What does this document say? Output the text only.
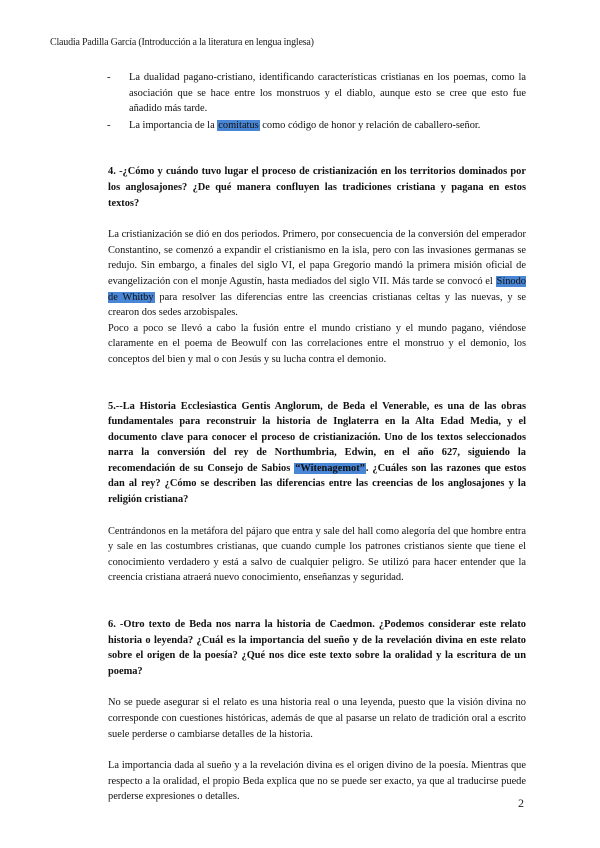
Claudia Padilla García (Introducción a la literatura en lengua inglesa)
- La dualidad pagano-cristiano, identificando características cristianas en los poemas, como la asociación que se hace entre los monstruos y el diablo, aunque esto se cree que esto fue añadido más tarde.
- La importancia de la comitatus como código de honor y relación de caballero-señor.

4. -¿Cómo y cuándo tuvo lugar el proceso de cristianización en los territorios dominados por los anglosajones? ¿De qué manera confluyen las tradiciones cristiana y pagana en estos textos?

La cristianización se dió en dos periodos. Primero, por consecuencia de la conversión del emperador Constantino, se comenzó a expandir el cristianismo en la isla, pero con las invasiones germanas se redujo. Sin embargo, a finales del siglo VI, el papa Gregorio mandó la primera misión oficial de evangelización con el monje Agustín, hasta mediados del siglo VII. Más tarde se convocó el Sínodo de Whitby para resolver las diferencias entre las creencias cristianas celtas y las nuevas, y se crearon dos sedes arzobispales.

Poco a poco se llevó a cabo la fusión entre el mundo cristiano y el mundo pagano, viéndose claramente en el poema de Beowulf con las correlaciones entre el monstruo y el demonio, los conceptos del bien y mal o con Jesús y su lucha contra el demonio.

5.--La Historia Ecclesiastica Gentis Anglorum, de Beda el Venerable, es una de las obras fundamentales para reconstruir la historia de Inglaterra en la Alta Edad Media, y el documento clave para conocer el proceso de cristianización. Uno de los textos seleccionados narra la conversión del rey de Northumbria, Edwin, en el año 627, siguiendo la recomendación de su Consejo de Sabios “Witenagemot”. ¿Cuáles son las razones que estos dan al rey? ¿Cómo se describen las diferencias entre las creencias de los anglosajones y la religión cristiana?

Centrándonos en la metáfora del pájaro que entra y sale del hall como alegoría del que hombre entra y sale en las costumbres cristianas, que cuando cumple los patrones cristianos siente que tiene el conocimiento verdadero y está a salvo de cualquier peligro. Se utilizó para hacer entender que la creencia cristiana atraerá nuevo conocimiento, enseñanzas y seguridad.

6. -Otro texto de Beda nos narra la historia de Caedmon. ¿Podemos considerar este relato historia o leyenda? ¿Cuál es la importancia del sueño y de la revelación divina en este relato sobre el origen de la poesía? ¿Qué nos dice este texto sobre la oralidad y la escritura de un poema?

No se puede asegurar si el relato es una historia real o una leyenda, puesto que la visión divina no corresponde con cuestiones históricas, además de que al pasarse un relato de tradición oral a escrito suele perderse o cambiarse detalles de la historia.

La importancia dada al sueño y a la revelación divina es el origen divino de la poesía. Mientras que respecto a la oralidad, el propio Beda explica que no se puede ser exacto, ya que al traducirse puede perderse expresiones o detalles.	2
